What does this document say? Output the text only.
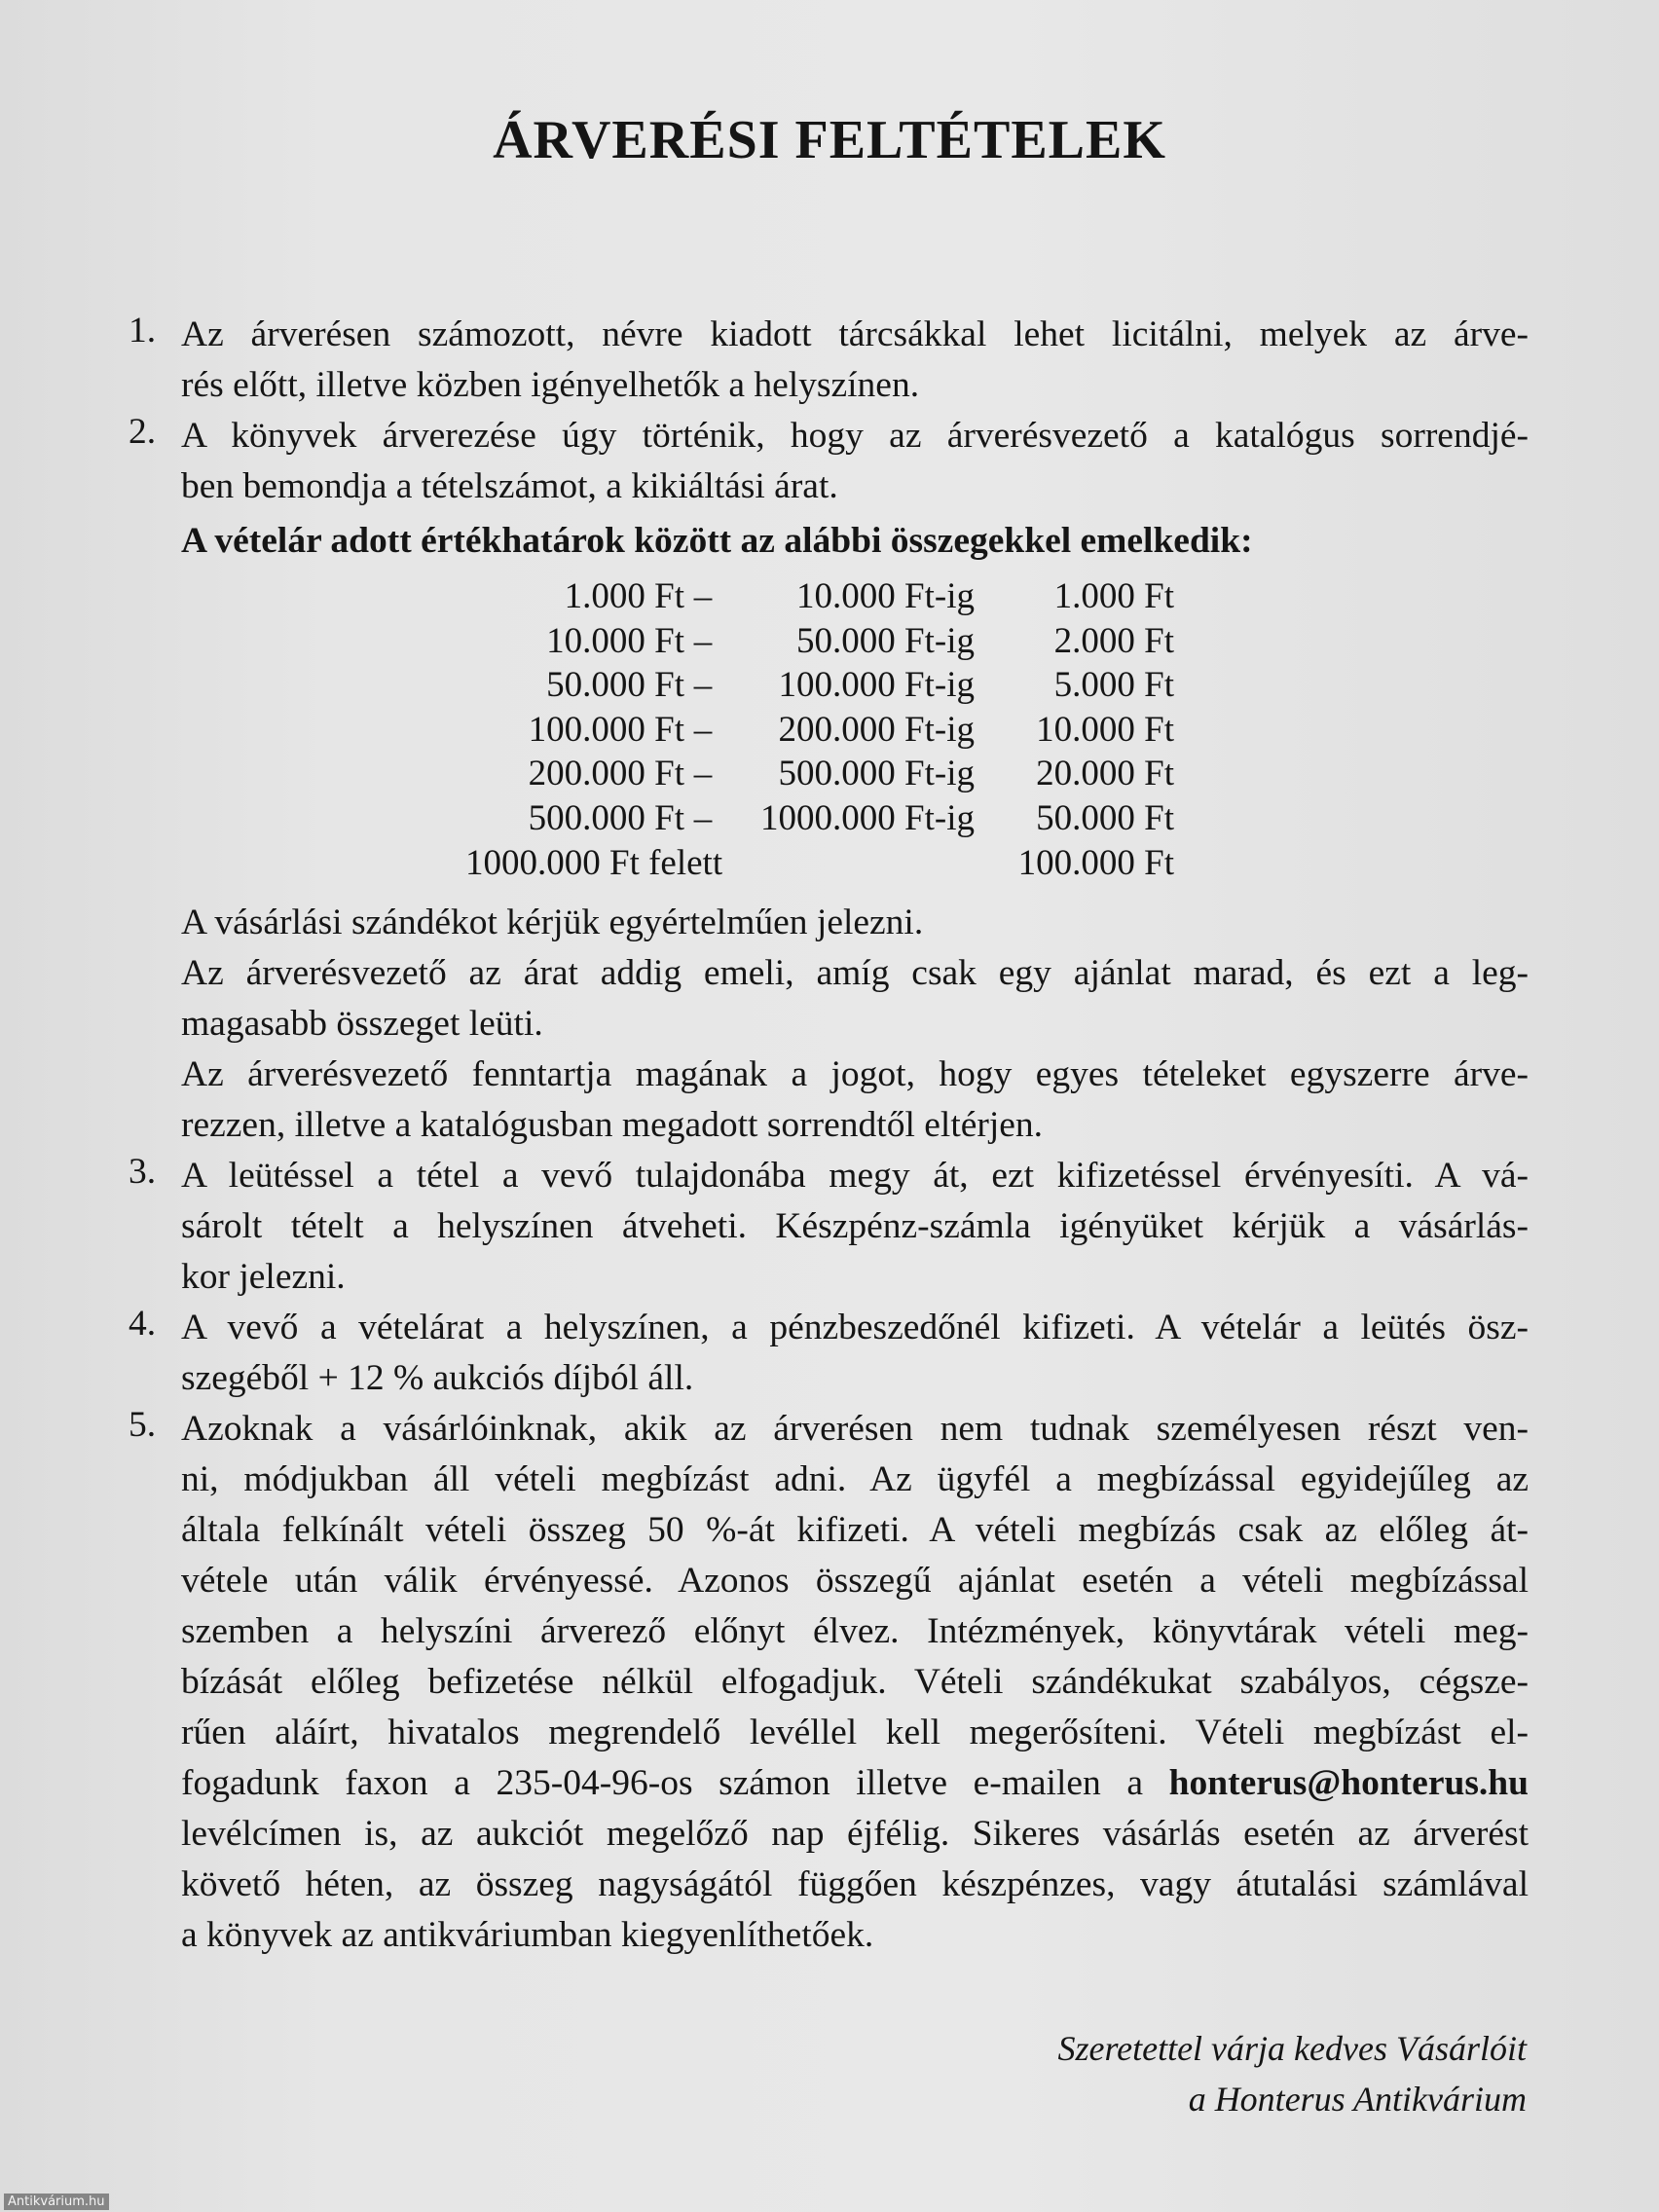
ÁRVERÉSI FELTÉTELEK
1. Az árverésen számozott, névre kiadott tárcsákkal lehet licitálni, melyek az árve-
rés előtt, illetve közben igényelhetők a helyszínen.
2. A könyvek árverezése úgy történik, hogy az árverésvezető a katalógus sorrendjé-
ben bemondja a tételszámot, a kikiáltási árat.
A vételár adott értékhatárok között az alábbi összegekkel emelkedik:
A vásárlási szándékot kérjük egyértelműen jelezni.
Az árverésvezető az árat addig emeli, amíg csak egy ajánlat marad, és ezt a leg-
magasabb összeget leüti.
Az árverésvezető fenntartja magának a jogot, hogy egyes tételeket egyszerre árve-
rezzen, illetve a katalógusban megadott sorrendtől eltérjen.
3. A leütéssel a tétel a vevő tulajdonába megy át, ezt kifizetéssel érvényesíti. A vá-
sárolt tételt a helyszínen átveheti. Készpénz-számla igényüket kérjük a vásárlás-
kor jelezni.
4. A vevő a vételárat a helyszínen, a pénzbeszedőnél kifizeti. A vételár a leütés ösz-
szegéből + 12 % aukciós díjból áll.
5. Azoknak a vásárlóinknak, akik az árverésen nem tudnak személyesen részt ven-
ni, módjukban áll vételi megbízást adni. Az ügyfél a megbízással egyidejűleg az
általa felkínált vételi összeg 50 %-át kifizeti. A vételi megbízás csak az előleg át-
vétele után válik érvényessé. Azonos összegű ajánlat esetén a vételi megbízással
szemben a helyszíni árverező előnyt élvez. Intézmények, könyvtárak vételi meg-
bízását előleg befizetése nélkül elfogadjuk. Vételi szándékukat szabályos, cégsze-
rűen aláírt, hivatalos megrendelő levéllel kell megerősíteni. Vételi megbízást el-
fogadunk faxon a 235-04-96-os számon illetve e-mailen a honterus@honterus.hu
levélcímen is, az aukciót megelőző nap éjfélig. Sikeres vásárlás esetén az árverést
követő héten, az összeg nagyságától függően készpénzes, vagy átutalási számlával
a könyvek az antikváriumban kiegyenlíthetőek.
1.000 Ft	–	10.000 Ft-ig	1.000 Ft
10.000 Ft	–	50.000 Ft-ig	2.000 Ft
50.000 Ft	–	100.000 Ft-ig	5.000 Ft
100.000 Ft	–	200.000 Ft-ig	10.000 Ft
200.000 Ft	–	500.000 Ft-ig	20.000 Ft
500.000 Ft	–	1000.000 Ft-ig	50.000 Ft
1000.000 Ft felett			100.000 Ft
Szeretettel várja kedves Vásárlóit
a Honterus Antikvárium
Antikvárium.hu
